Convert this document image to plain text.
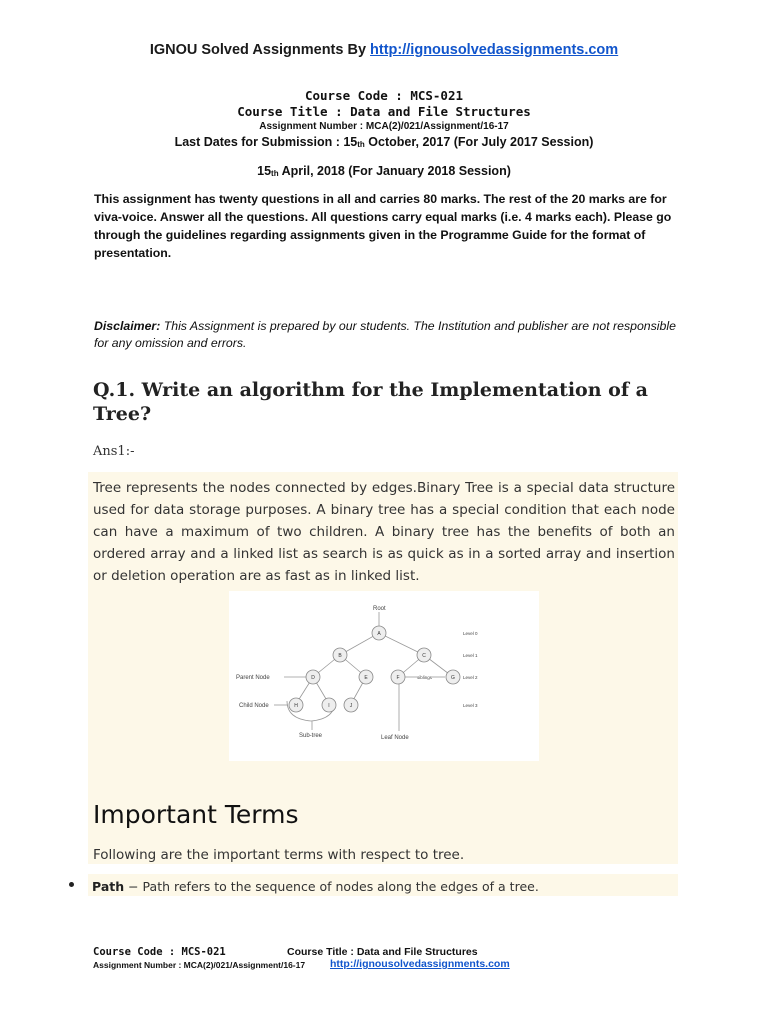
IGNOU Solved Assignments By http://ignousolvedassignments.com
Course Code : MCS-021
Course Title : Data and File Structures
Assignment Number : MCA(2)/021/Assignment/16-17
Last Dates for Submission : $15_{th}$ October, 2017 (For July 2017 Session)
$15_{th}$ April, 2018 (For January 2018 Session)
This assignment has twenty questions in all and carries 80 marks. The rest of the 20 marks are for viva-voice. Answer all the questions. All questions carry equal marks (i.e. 4 marks each). Please go through the guidelines regarding assignments given in the Programme Guide for the format of presentation.
Disclaimer: This Assignment is prepared by our students. The Institution and publisher are not responsible for any omission and errors.
Q.1. Write an algorithm for the Implementation of a Tree?
Ans1:-
Tree represents the nodes connected by edges.Binary Tree is a special data structure used for data storage purposes. A binary tree has a special condition that each node can have a maximum of two children. A binary tree has the benefits of both an ordered array and a linked list as search is as quick as in a sorted array and insertion or deletion operation are as fast as in linked list.
A
B	C
D	E	F	G
H	I	J
Root
Parent Node
Child Node
siblings
Sub-tree	Leaf Node
Level 0
Level 1
Level 2
Level 3
Important Terms
Following are the important terms with respect to tree.
Path − Path refers to the sequence of nodes along the edges of a tree.
Course Code : MCS-021	Course Title : Data and File Structures
Assignment Number : MCA(2)/021/Assignment/16-17 http://ignousolvedassignments.com
